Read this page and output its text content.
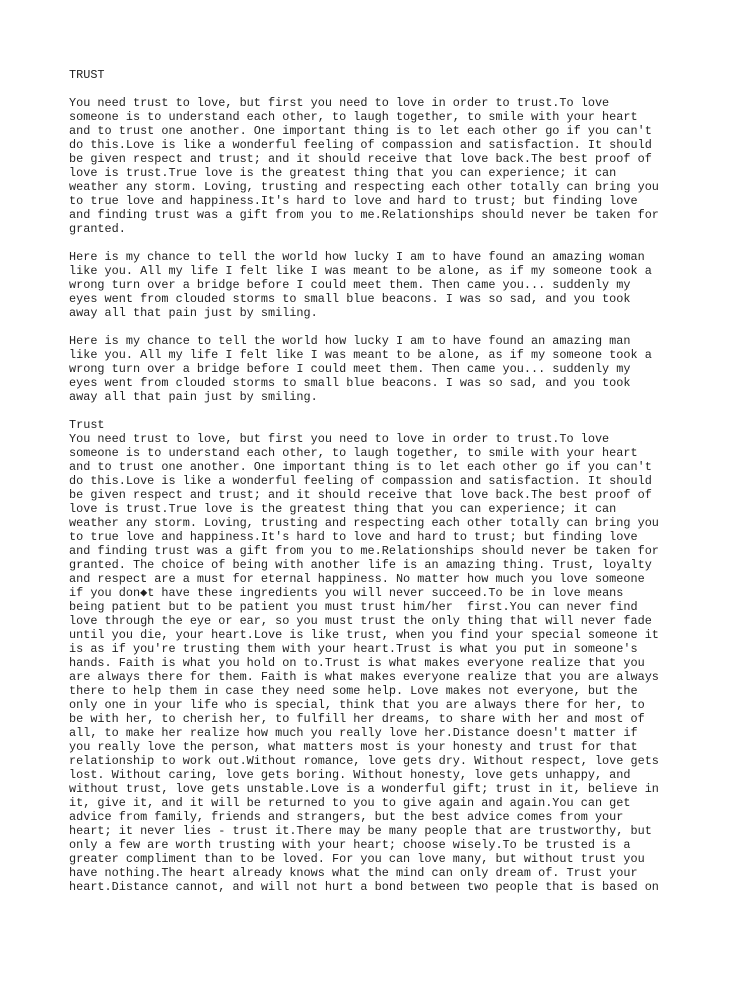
TRUST
You need trust to love, but first you need to love in order to trust.To love
someone is to understand each other, to laugh together, to smile with your heart
and to trust one another. One important thing is to let each other go if you can't
do this.Love is like a wonderful feeling of compassion and satisfaction. It should
be given respect and trust; and it should receive that love back.The best proof of
love is trust.True love is the greatest thing that you can experience; it can
weather any storm. Loving, trusting and respecting each other totally can bring you
to true love and happiness.It's hard to love and hard to trust; but finding love
and finding trust was a gift from you to me.Relationships should never be taken for
granted.
Here is my chance to tell the world how lucky I am to have found an amazing woman
like you. All my life I felt like I was meant to be alone, as if my someone took a
wrong turn over a bridge before I could meet them. Then came you... suddenly my
eyes went from clouded storms to small blue beacons. I was so sad, and you took
away all that pain just by smiling.
Here is my chance to tell the world how lucky I am to have found an amazing man
like you. All my life I felt like I was meant to be alone, as if my someone took a
wrong turn over a bridge before I could meet them. Then came you... suddenly my
eyes went from clouded storms to small blue beacons. I was so sad, and you took
away all that pain just by smiling.
Trust
You need trust to love, but first you need to love in order to trust.To love
someone is to understand each other, to laugh together, to smile with your heart
and to trust one another. One important thing is to let each other go if you can't
do this.Love is like a wonderful feeling of compassion and satisfaction. It should
be given respect and trust; and it should receive that love back.The best proof of
love is trust.True love is the greatest thing that you can experience; it can
weather any storm. Loving, trusting and respecting each other totally can bring you
to true love and happiness.It's hard to love and hard to trust; but finding love
and finding trust was a gift from you to me.Relationships should never be taken for
granted. The choice of being with another life is an amazing thing. Trust, loyalty
and respect are a must for eternal happiness. No matter how much you love someone
if you don◆t have these ingredients you will never succeed.To be in love means
being patient but to be patient you must trust him/her  first.You can never find
love through the eye or ear, so you must trust the only thing that will never fade
until you die, your heart.Love is like trust, when you find your special someone it
is as if you're trusting them with your heart.Trust is what you put in someone's
hands. Faith is what you hold on to.Trust is what makes everyone realize that you
are always there for them. Faith is what makes everyone realize that you are always
there to help them in case they need some help. Love makes not everyone, but the
only one in your life who is special, think that you are always there for her, to
be with her, to cherish her, to fulfill her dreams, to share with her and most of
all, to make her realize how much you really love her.Distance doesn't matter if
you really love the person, what matters most is your honesty and trust for that
relationship to work out.Without romance, love gets dry. Without respect, love gets
lost. Without caring, love gets boring. Without honesty, love gets unhappy, and
without trust, love gets unstable.Love is a wonderful gift; trust in it, believe in
it, give it, and it will be returned to you to give again and again.You can get
advice from family, friends and strangers, but the best advice comes from your
heart; it never lies - trust it.There may be many people that are trustworthy, but
only a few are worth trusting with your heart; choose wisely.To be trusted is a
greater compliment than to be loved. For you can love many, but without trust you
have nothing.The heart already knows what the mind can only dream of. Trust your
heart.Distance cannot, and will not hurt a bond between two people that is based on
